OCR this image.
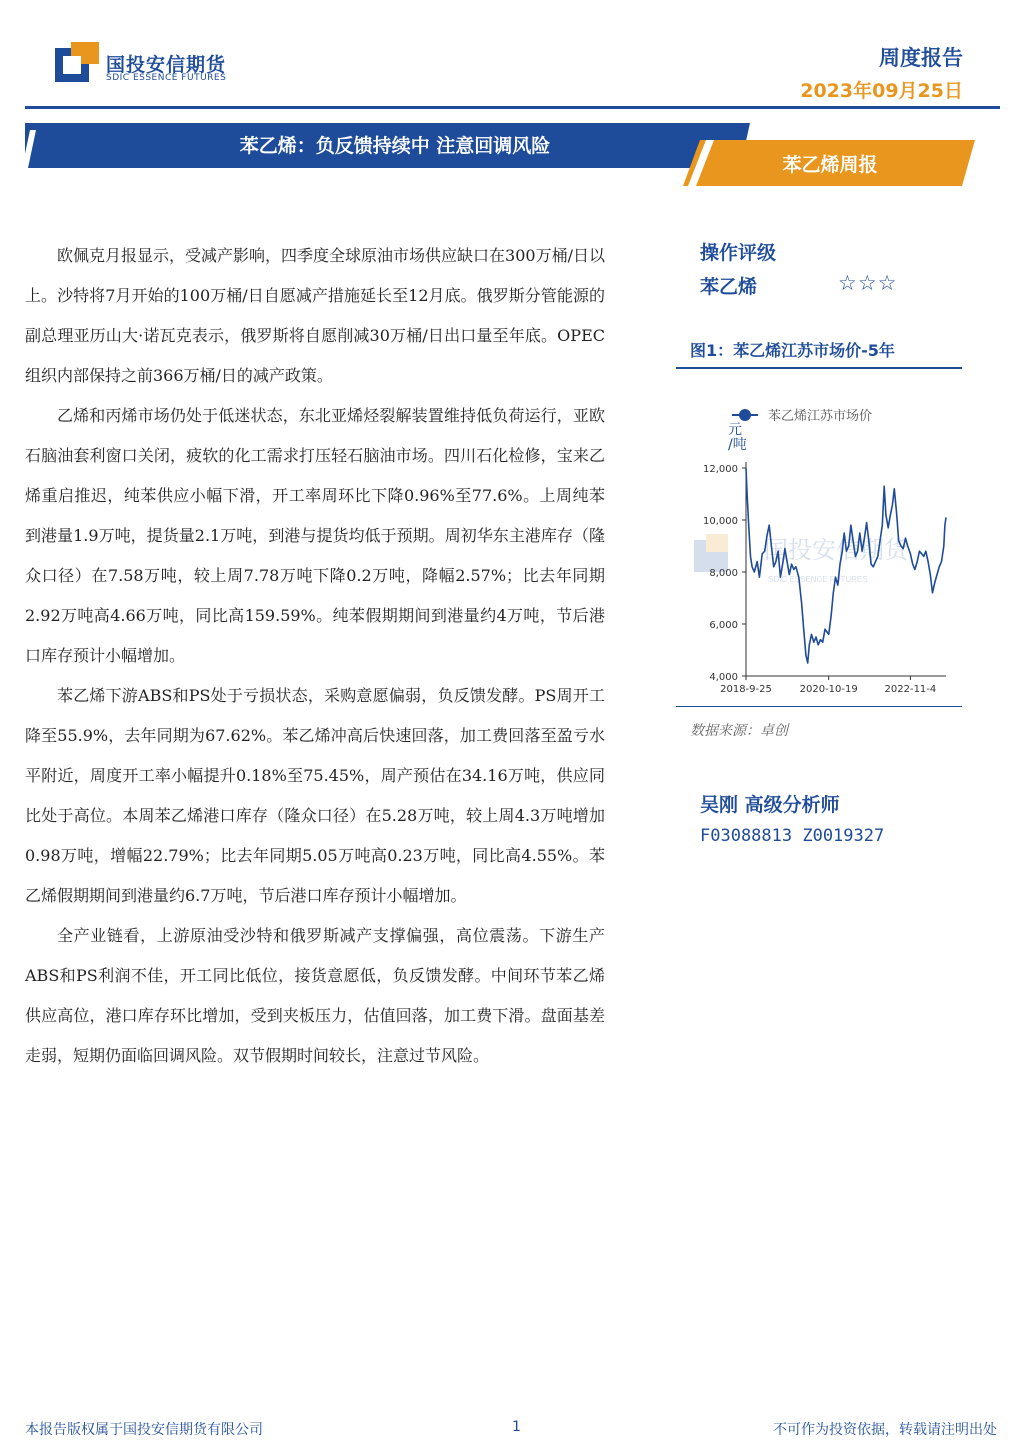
国投安信期货
SDIC ESSENCE FUTURES
周度报告
2023年09月25日
苯乙烯：负反馈持续中 注意回调风险
苯乙烯周报

欧佩克月报显示，受减产影响，四季度全球原油市场供应缺口在300万桶/日以上。沙特将7月开始的100万桶/日自愿减产措施延长至12月底。俄罗斯分管能源的副总理亚历山大·诺瓦克表示，俄罗斯将自愿削减30万桶/日出口量至年底。OPEC组织内部保持之前366万桶/日的减产政策。

乙烯和丙烯市场仍处于低迷状态，东北亚烯烃裂解装置维持低负荷运行，亚欧石脑油套利窗口关闭，疲软的化工需求打压轻石脑油市场。四川石化检修，宝来乙烯重启推迟，纯苯供应小幅下滑，开工率周环比下降0.96%至77.6%。上周纯苯到港量1.9万吨，提货量2.1万吨，到港与提货均低于预期。周初华东主港库存（隆众口径）在7.58万吨，较上周7.78万吨下降0.2万吨，降幅2.57%；比去年同期2.92万吨高4.66万吨，同比高159.59%。纯苯假期期间到港量约4万吨，节后港口库存预计小幅增加。

苯乙烯下游ABS和PS处于亏损状态，采购意愿偏弱，负反馈发酵。PS周开工降至55.9%，去年同期为67.62%。苯乙烯冲高后快速回落，加工费回落至盈亏水平附近，周度开工率小幅提升0.18%至75.45%，周产预估在34.16万吨，供应同比处于高位。本周苯乙烯港口库存（隆众口径）在5.28万吨，较上周4.3万吨增加0.98万吨，增幅22.79%；比去年同期5.05万吨高0.23万吨，同比高4.55%。苯乙烯假期期间到港量约6.7万吨，节后港口库存预计小幅增加。

全产业链看，上游原油受沙特和俄罗斯减产支撑偏强，高位震荡。下游生产ABS和PS利润不佳，开工同比低位，接货意愿低，负反馈发酵。中间环节苯乙烯供应高位，港口库存环比增加，受到夹板压力，估值回落，加工费下滑。盘面基差走弱，短期仍面临回调风险。双节假期时间较长，注意过节风险。

操作评级
苯乙烯	☆☆☆
图1：苯乙烯江苏市场价-5年
国投安信期货
SDIC ESSENCE FUTURES
苯乙烯江苏市场价
元/吨
4,000
6,000
8,000
10,000
12,000
2018-9-25	2020-10-19	2022-11-4
数据来源：卓创
吴刚 高级分析师
F03088813 Z0019327
本报告版权属于国投安信期货有限公司	1	不可作为投资依据，转载请注明出处
